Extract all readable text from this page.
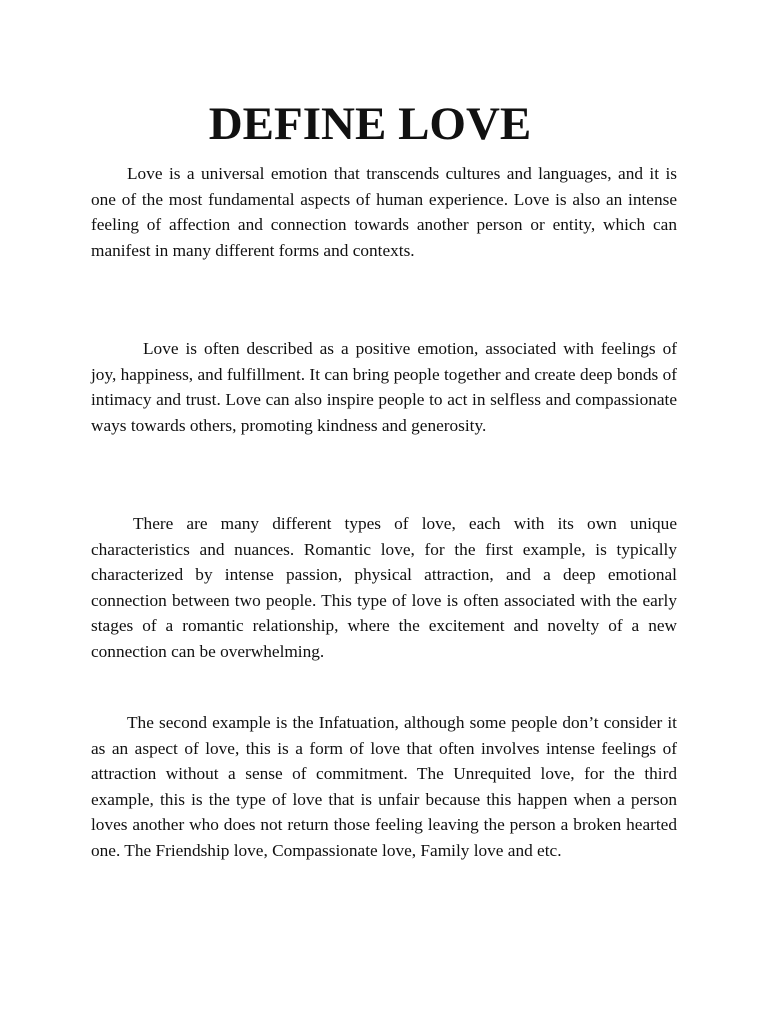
DEFINE LOVE

Love is a universal emotion that transcends cultures and languages, and it is one of the most fundamental aspects of human experience. Love is also an intense feeling of affection and connection towards another person or entity, which can manifest in many different forms and contexts.

Love is often described as a positive emotion, associated with feelings of joy, happiness, and fulfillment. It can bring people together and create deep bonds of intimacy and trust. Love can also inspire people to act in selfless and compassionate ways towards others, promoting kindness and generosity.

There are many different types of love, each with its own unique characteristics and nuances. Romantic love, for the first example, is typically characterized by intense passion, physical attraction, and a deep emotional connection between two people. This type of love is often associated with the early stages of a romantic relationship, where the excitement and novelty of a new connection can be overwhelming.

The second example is the Infatuation, although some people don’t consider it as an aspect of love, this is a form of love that often involves intense feelings of attraction without a sense of commitment. The Unrequited love, for the third example, this is the type of love that is unfair because this happen when a person loves another who does not return those feeling leaving the person a broken hearted one. The Friendship love, Compassionate love, Family love and etc.
